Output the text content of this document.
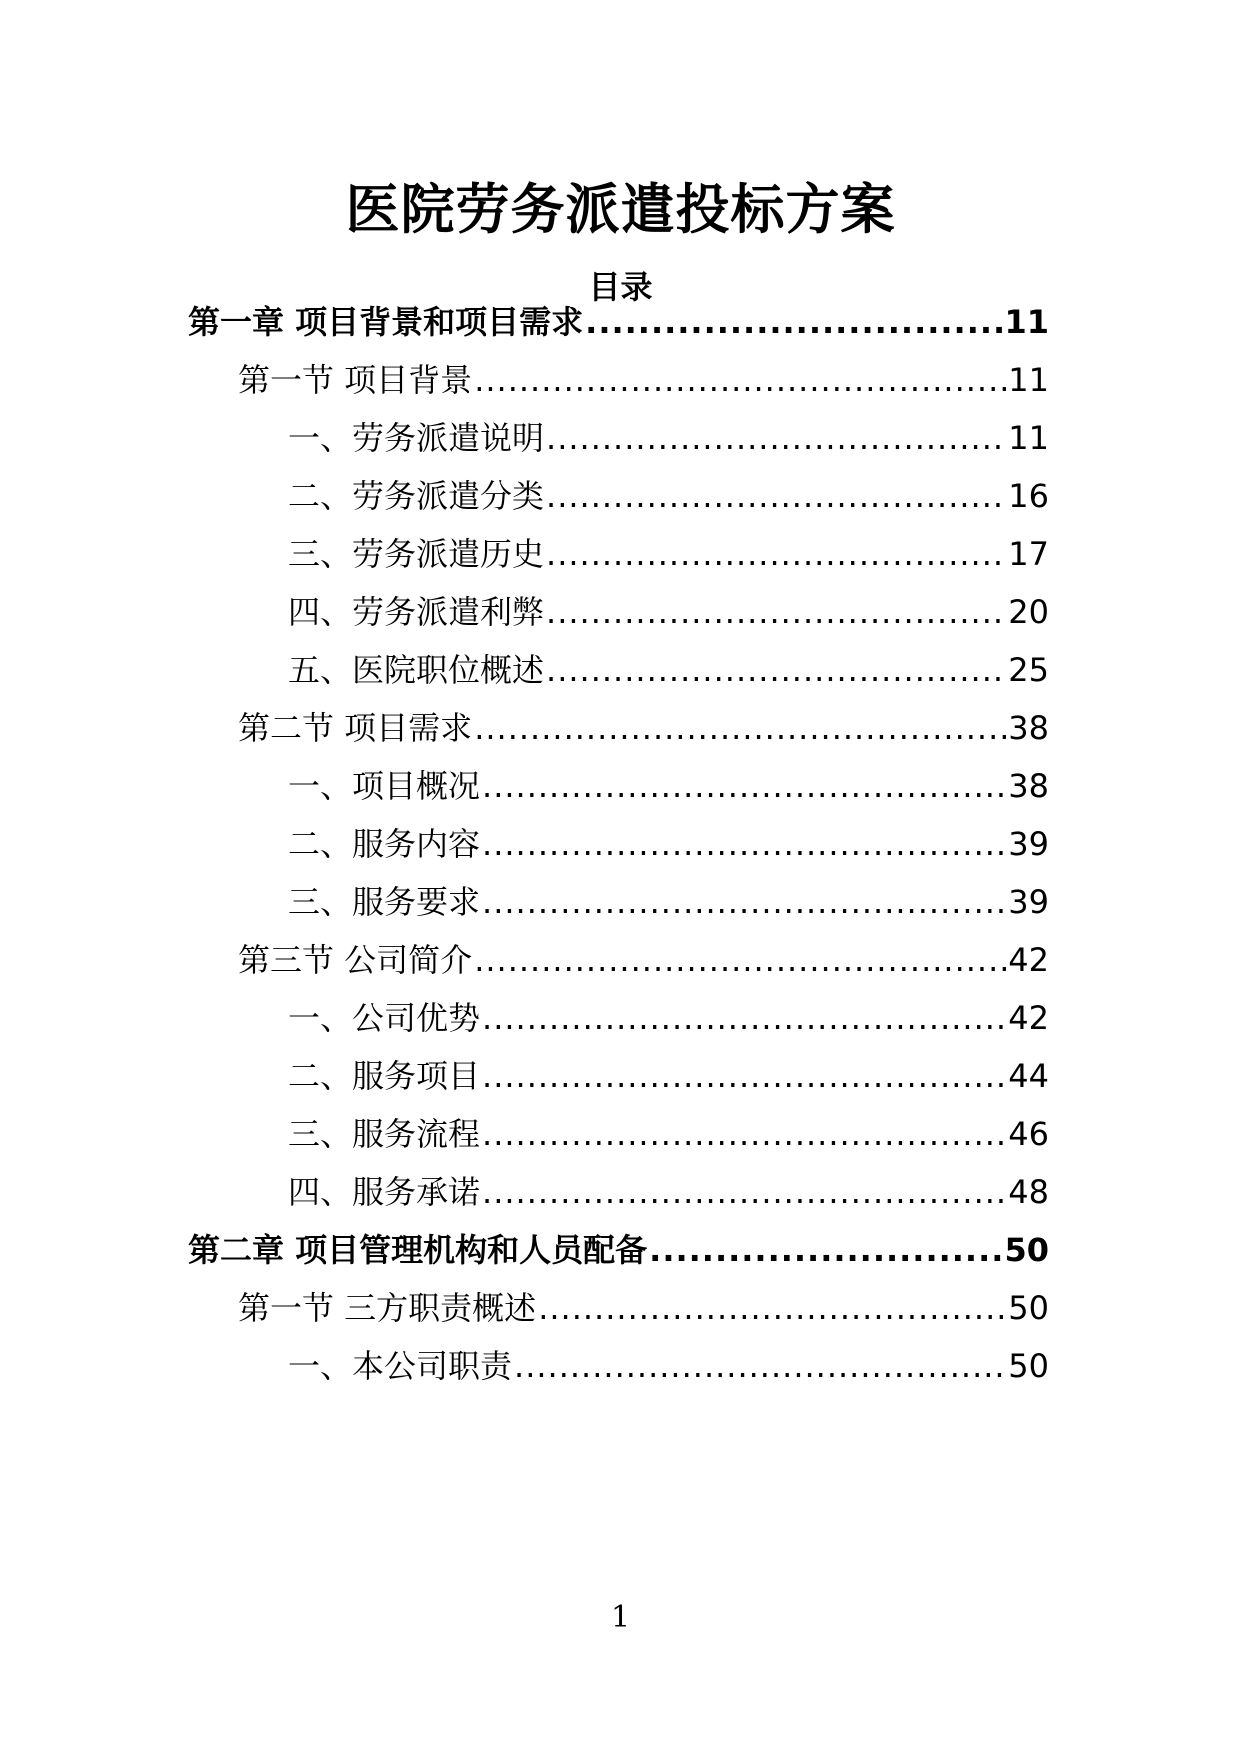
医院劳务派遣投标方案
目录
第一章 项目背景和项目需求 .....	11
第一节 项目背景 .....	11
一、劳务派遣说明 .....	11
二、劳务派遣分类 .....	16
三、劳务派遣历史 .....	17
四、劳务派遣利弊 .....	20
五、医院职位概述 .....	25
第二节 项目需求 .....	38
一、项目概况 .....	38
二、服务内容 .....	39
三、服务要求 .....	39
第三节 公司简介 .....	42
一、公司优势 .....	42
二、服务项目 .....	44
三、服务流程 .....	46
四、服务承诺 .....	48
第二章 项目管理机构和人员配备 .....	50
第一节 三方职责概述 .....	50
一、本公司职责 .....	50
1
